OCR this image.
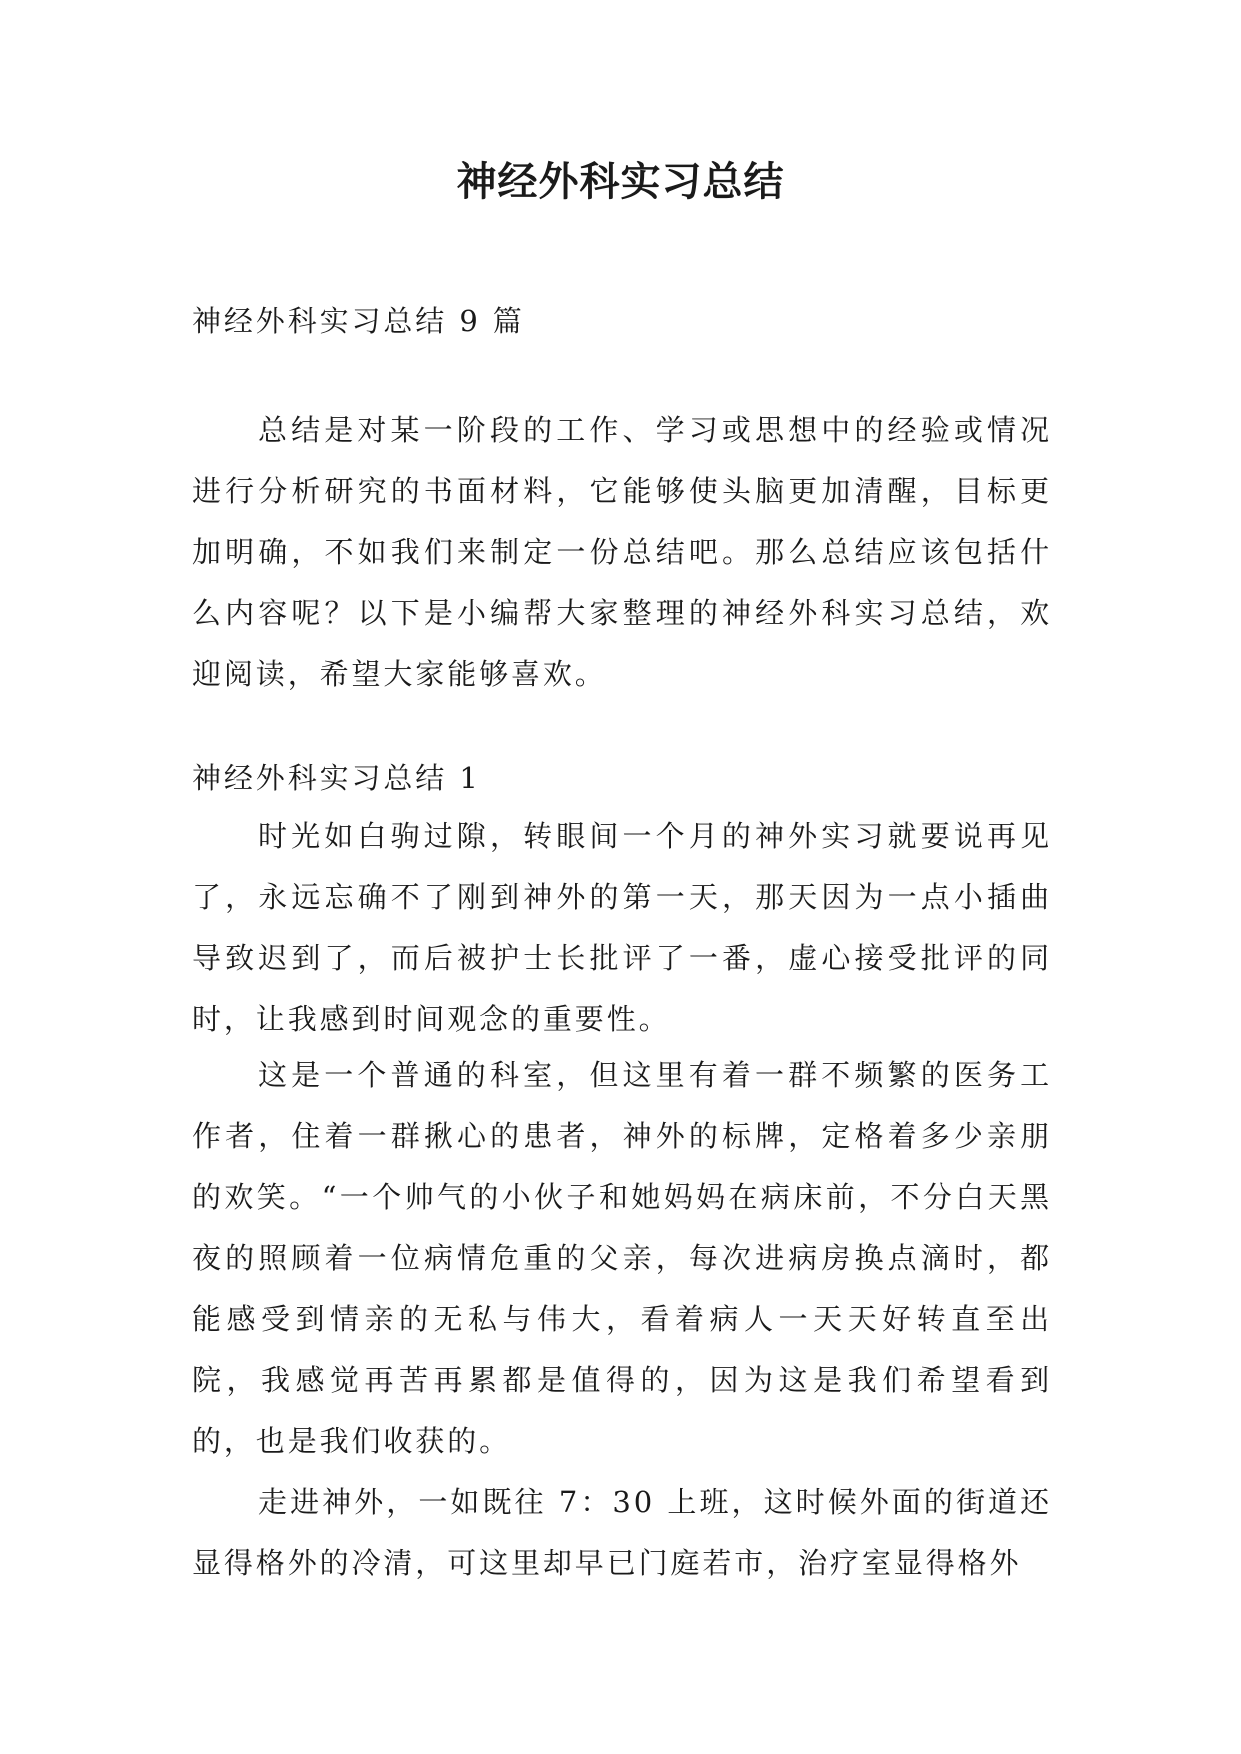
神经外科实习总结

神经外科实习总结 9 篇

总结是对某一阶段的工作、学习或思想中的经验或情况进行分析研究的书面材料，它能够使头脑更加清醒，目标更加明确，不如我们来制定一份总结吧。那么总结应该包括什么内容呢？以下是小编帮大家整理的神经外科实习总结，欢迎阅读，希望大家能够喜欢。

神经外科实习总结 1

时光如白驹过隙，转眼间一个月的神外实习就要说再见了，永远忘确不了刚到神外的第一天，那天因为一点小插曲导致迟到了，而后被护士长批评了一番，虚心接受批评的同时，让我感到时间观念的重要性。

这是一个普通的科室，但这里有着一群不频繁的医务工作者，住着一群揪心的患者，神外的标牌，定格着多少亲朋的欢笑。“一个帅气的小伙子和她妈妈在病床前，不分白天黑夜的照顾着一位病情危重的父亲，每次进病房换点滴时，都能感受到情亲的无私与伟大，看着病人一天天好转直至出院，我感觉再苦再累都是值得的，因为这是我们希望看到的，也是我们收获的。

走进神外，一如既往 7：30 上班，这时候外面的街道还显得格外的冷清，可这里却早已门庭若市，治疗室显得格外
